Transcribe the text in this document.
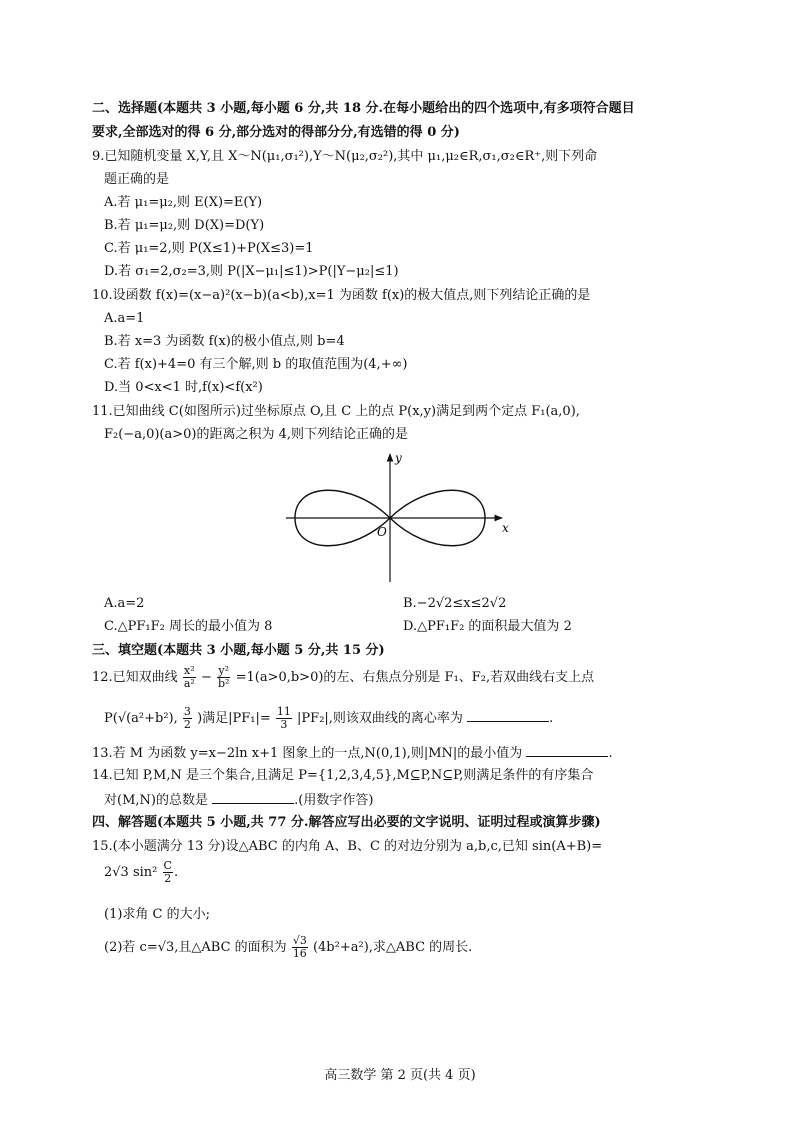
二、选择题(本题共 3 小题,每小题 6 分,共 18 分.在每小题给出的四个选项中,有多项符合题目
要求,全部选对的得 6 分,部分选对的得部分分,有选错的得 0 分)
9.已知随机变量 X,Y,且 X～N(μ₁,σ₁²),Y～N(μ₂,σ₂²),其中 μ₁,μ₂∈R,σ₁,σ₂∈R⁺,则下列命
题正确的是
A.若 μ₁=μ₂,则 E(X)=E(Y)
B.若 μ₁=μ₂,则 D(X)=D(Y)
C.若 μ₁=2,则 P(X≤1)+P(X≤3)=1
D.若 σ₁=2,σ₂=3,则 P(|X−μ₁|≤1)>P(|Y−μ₂|≤1)
10.设函数 f(x)=(x−a)²(x−b)(a<b),x=1 为函数 f(x)的极大值点,则下列结论正确的是
A.a=1
B.若 x=3 为函数 f(x)的极小值点,则 b=4
C.若 f(x)+4=0 有三个解,则 b 的取值范围为(4,+∞)
D.当 0<x<1 时,f(x)<f(x²)
11.已知曲线 C(如图所示)过坐标原点 O,且 C 上的点 P(x,y)满足到两个定点 F₁(a,0),
F₂(−a,0)(a>0)的距离之积为 4,则下列结论正确的是
y
x
O
A.a=2	B.−2√2≤x≤2√2
C.△PF₁F₂ 周长的最小值为 8	D.△PF₁F₂ 的面积最大值为 2
三、填空题(本题共 3 小题,每小题 5 分,共 15 分)
12.已知双曲线 $\frac{\text{x²}}{\text{a²}} - \frac{\text{y²}}{\text{b²}} =1(a>0,b>0)$的左、右焦点分别是 F₁、F₂,若双曲线右支上点
P(√(a²+b²), $\frac{3}{2}$ )满足$|PF_1|= \frac{11}{3} |PF_2|$,则该双曲线的离心率为	.
13.若 M 为函数 y=x−2ln x+1 图象上的一点,N(0,1),则|MN|的最小值为	.
14.已知 P,M,N 是三个集合,且满足 P={1,2,3,4,5},M⊆P,N⊆P,则满足条件的有序集合
对(M,N)的总数是	.(用数字作答)
四、解答题(本题共 5 小题,共 77 分.解答应写出必要的文字说明、证明过程或演算步骤)
15.(本小题满分 13 分)设△ABC 的内角 A、B、C 的对边分别为 a,b,c,已知 sin(A+B)=
2√3 $\sin^2 \frac{C}{2}$ .
(1)求角 C 的大小;
(2)若 c=√3,且△ABC 的面积为 $\frac{√3}{16} (4b^2+a^2)$,求△ABC 的周长.
高三数学 第 2 页(共 4 页)
